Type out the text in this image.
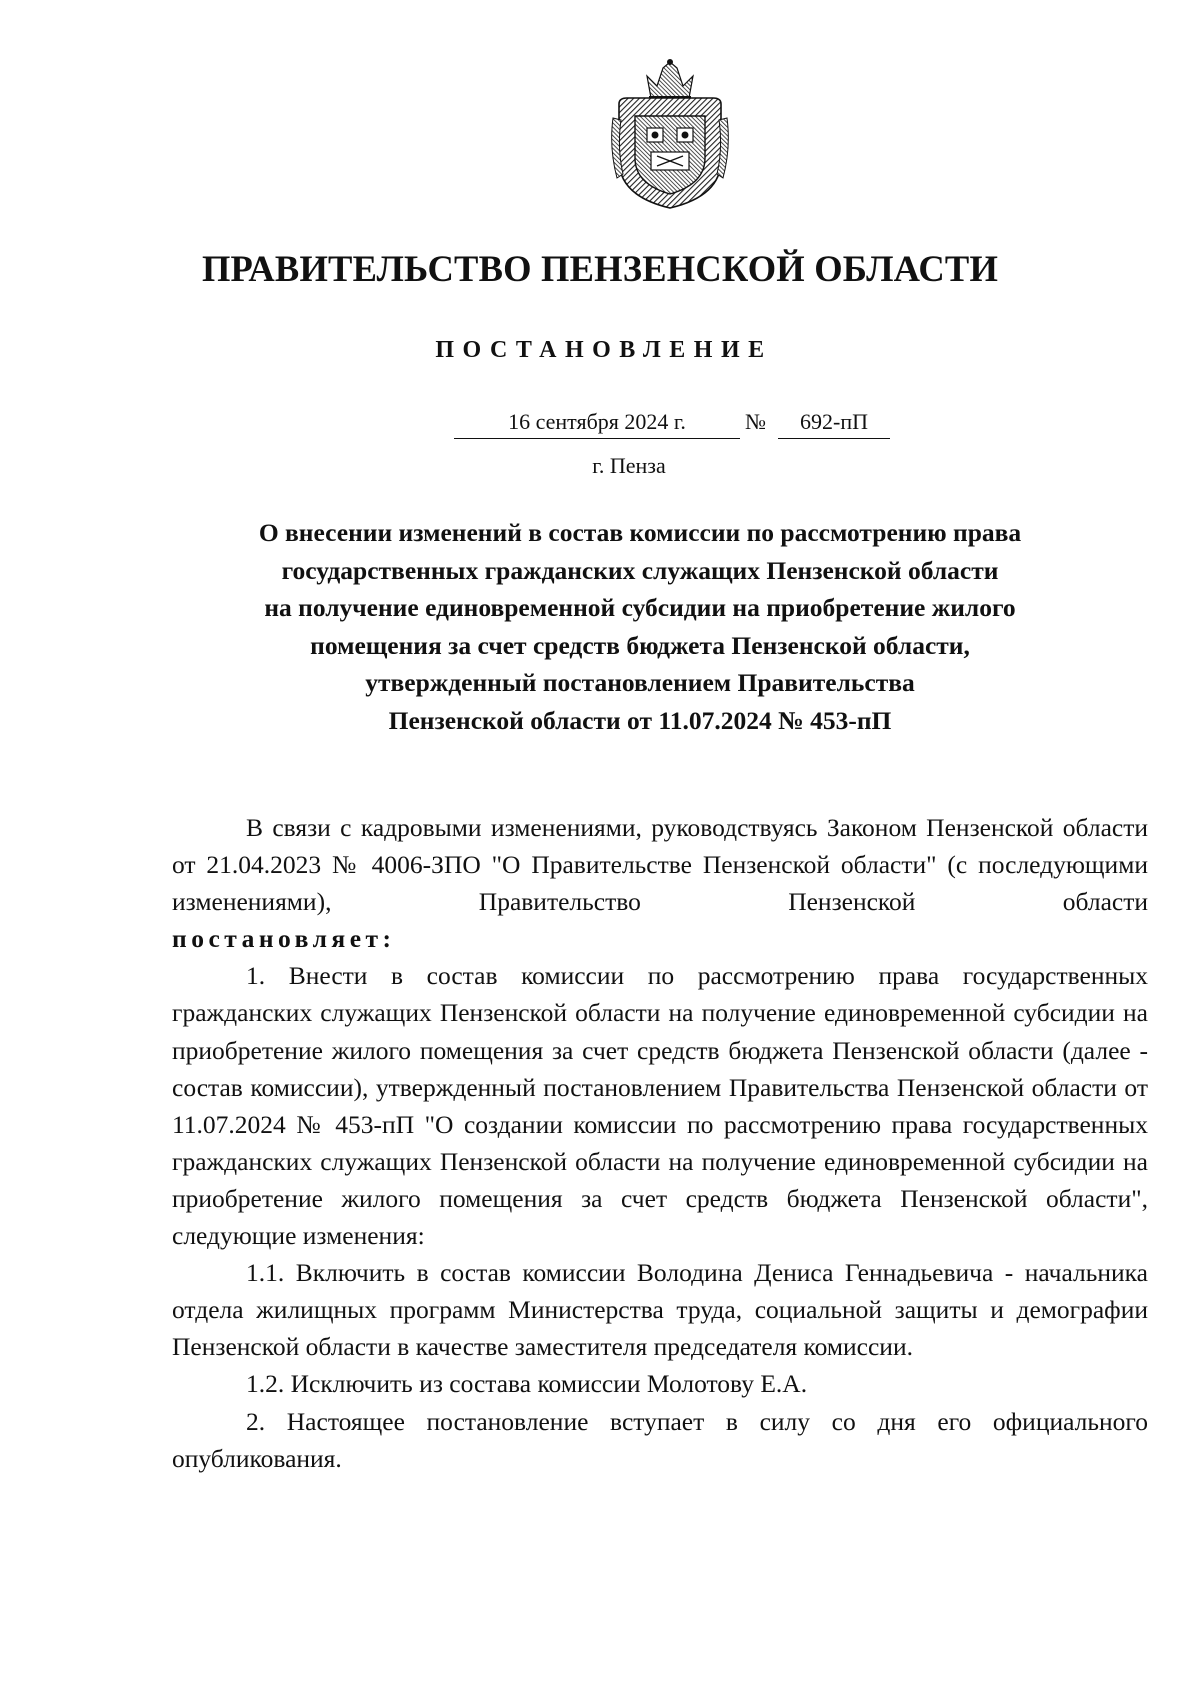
ПРАВИТЕЛЬСТВО ПЕНЗЕНСКОЙ ОБЛАСТИ
ПОСТАНОВЛЕНИЕ
16 сентября 2024 г.	№	692-пП
г. Пенза
О внесении изменений в состав комиссии по рассмотрению права
государственных гражданских служащих Пензенской области
на получение единовременной субсидии на приобретение жилого
помещения за счет средств бюджета Пензенской области,
утвержденный постановлением Правительства
Пензенской области от 11.07.2024 № 453-пП

В связи с кадровыми изменениями, руководствуясь Законом Пензенской области от 21.04.2023 № 4006-ЗПО "О Правительстве Пензенской области" (с последующими изменениями), Правительство Пензенской области

постановляет:

1. Внести в состав комиссии по рассмотрению права государственных гражданских служащих Пензенской области на получение единовременной субсидии на приобретение жилого помещения за счет средств бюджета Пензенской области (далее - состав комиссии), утвержденный постановлением Правительства Пензенской области от 11.07.2024 № 453-пП "О создании комиссии по рассмотрению права государственных гражданских служащих Пензенской области на получение единовременной субсидии на приобретение жилого помещения за счет средств бюджета Пензенской области", следующие изменения:

1.1. Включить в состав комиссии Володина Дениса Геннадьевича - начальника отдела жилищных программ Министерства труда, социальной защиты и демографии Пензенской области в качестве заместителя председателя комиссии.

1.2. Исключить из состава комиссии Молотову Е.А.

2. Настоящее постановление вступает в силу со дня его официального опубликования.
